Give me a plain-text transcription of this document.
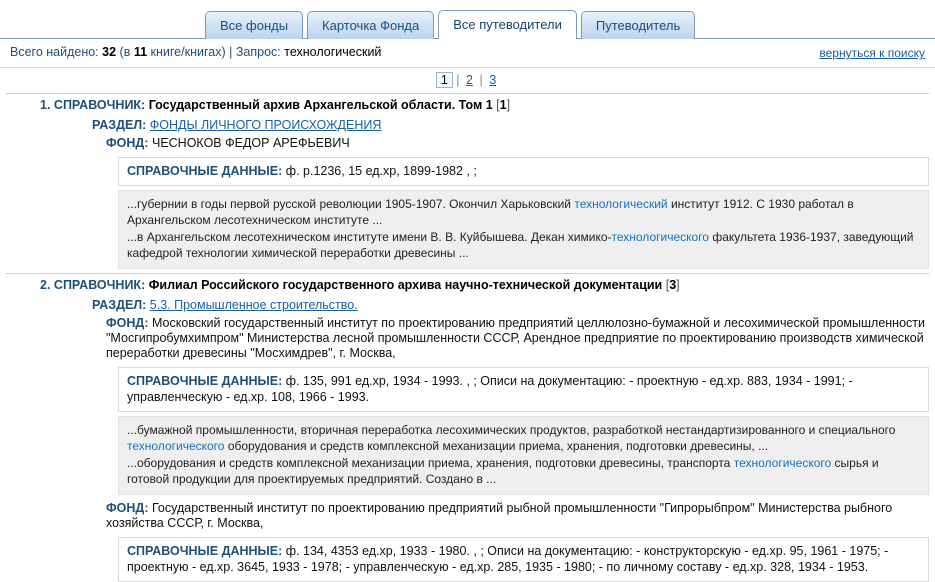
Все фонды	Карточка Фонда	Все путеводители	Путеводитель
Всего найдено: 32 (в 11 книге/книгах) | Запрос: технологический	вернуться к поиску
1 | 2 | 3
1. СПРАВОЧНИК: Государственный архив Архангельской области. Том 1 [1]
РАЗДЕЛ: ФОНДЫ ЛИЧНОГО ПРОИСХОЖДЕНИЯ
ФОНД: ЧЕСНОКОВ ФЕДОР АРЕФЬЕВИЧ
СПРАВОЧНЫЕ ДАННЫЕ: ф. р.1236, 15 ед.хр, 1899-1982 , ;

...губернии в годы первой русской революции 1905-1907. Окончил Харьковский технологический институт 1912. С 1930 работал в Архангельском лесотехническом институте ...

...в Архангельском лесотехническом институте имени В. В. Куйбышева. Декан химико-технологического факультета 1936-1937, заведующий кафедрой технологии химической переработки древесины ...

2. СПРАВОЧНИК: Филиал Российского государственного архива научно-технической документации [3]
РАЗДЕЛ: 5.3. Промышленное строительство.
ФОНД: Московский государственный институт по проектированию предприятий целлюлозно-бумажной и лесохимической промышленности "Мосгипробумхимпром" Министерства лесной промышленности СССР, Арендное предприятие по проектированию производств химической переработки древесины "Мосхимдрев", г. Москва,
СПРАВОЧНЫЕ ДАННЫЕ: ф. 135, 991 ед.хр, 1934 - 1993. , ; Описи на документацию: - проектную - ед.хр. 883, 1934 - 1991; - управленческую - ед.хр. 108, 1966 - 1993.

...бумажной промышленности, вторичная переработка лесохимических продуктов, разработкой нестандартизированного и специального технологического оборудования и средств комплексной механизации приема, хранения, подготовки древесины, ...

...оборудования и средств комплексной механизации приема, хранения, подготовки древесины, транспорта технологического сырья и готовой продукции для проектируемых предприятий. Создано в ...

ФОНД: Государственный институт по проектированию предприятий рыбной промышленности "Гипрорыбпром" Министерства рыбного хозяйства СССР, г. Москва,
СПРАВОЧНЫЕ ДАННЫЕ: ф. 134, 4353 ед.хр, 1933 - 1980. , ; Описи на документацию: - конструкторскую - ед.хр. 95, 1961 - 1975; - проектную - ед.хр. 3645, 1933 - 1978; - управленческую - ед.хр. 285, 1935 - 1980; - по личному составу - ед.хр. 328, 1934 - 1953.
